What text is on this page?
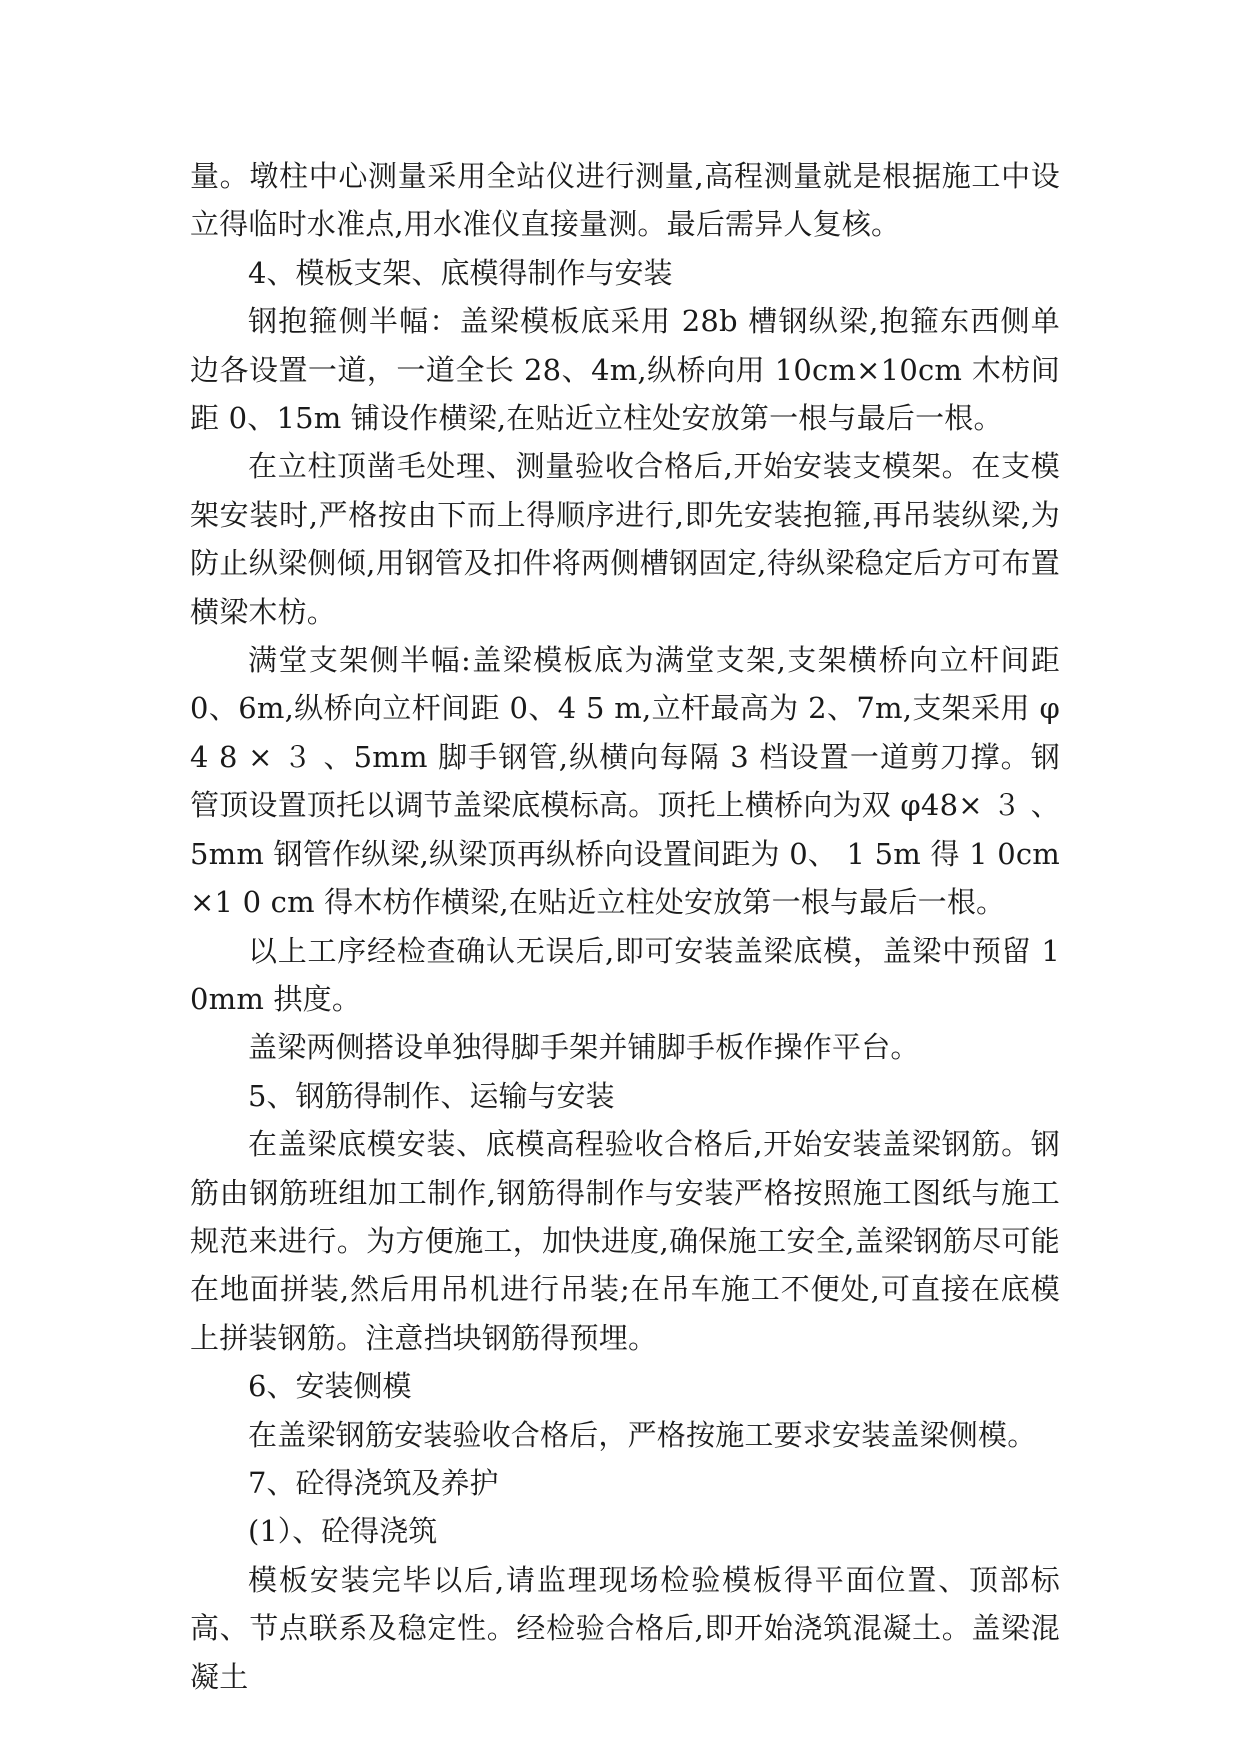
量。墩柱中心测量采用全站仪进行测量,高程测量就是根据施工中设立得临时水准点,用水准仪直接量测。最后需异人复核。

4、模板支架、底模得制作与安装

钢抱箍侧半幅：盖梁模板底采用 28b 槽钢纵梁,抱箍东西侧单边各设置一道，一道全长 28、4m,纵桥向用 10cm×10cm 木枋间距 0、15m 铺设作横梁,在贴近立柱处安放第一根与最后一根。

在立柱顶凿毛处理、测量验收合格后,开始安装支模架。在支模架安装时,严格按由下而上得顺序进行,即先安装抱箍,再吊装纵梁,为防止纵梁侧倾,用钢管及扣件将两侧槽钢固定,待纵梁稳定后方可布置横梁木枋。

满堂支架侧半幅:盖梁模板底为满堂支架,支架横桥向立杆间距 0、6m,纵桥向立杆间距 0、4 5 m,立杆最高为 2、7m,支架采用 φ4 8 × ３ 、5mm 脚手钢管,纵横向每隔 3 档设置一道剪刀撑。钢管顶设置顶托以调节盖梁底模标高。顶托上横桥向为双 φ48× ３ 、5mm 钢管作纵梁,纵梁顶再纵桥向设置间距为 0、 1 5m 得 1 0cm×1 0 cm 得木枋作横梁,在贴近立柱处安放第一根与最后一根。

以上工序经检查确认无误后,即可安装盖梁底模，盖梁中预留 10mm 拱度。

盖梁两侧搭设单独得脚手架并铺脚手板作操作平台。

5、钢筋得制作、运输与安装

在盖梁底模安装、底模高程验收合格后,开始安装盖梁钢筋。钢筋由钢筋班组加工制作,钢筋得制作与安装严格按照施工图纸与施工规范来进行。为方便施工，加快进度,确保施工安全,盖梁钢筋尽可能在地面拼装,然后用吊机进行吊装;在吊车施工不便处,可直接在底模上拼装钢筋。注意挡块钢筋得预埋。

6、安装侧模

在盖梁钢筋安装验收合格后，严格按施工要求安装盖梁侧模。

7、砼得浇筑及养护

(1）、砼得浇筑

模板安装完毕以后,请监理现场检验模板得平面位置、顶部标高、节点联系及稳定性。经检验合格后,即开始浇筑混凝土。盖梁混凝土
